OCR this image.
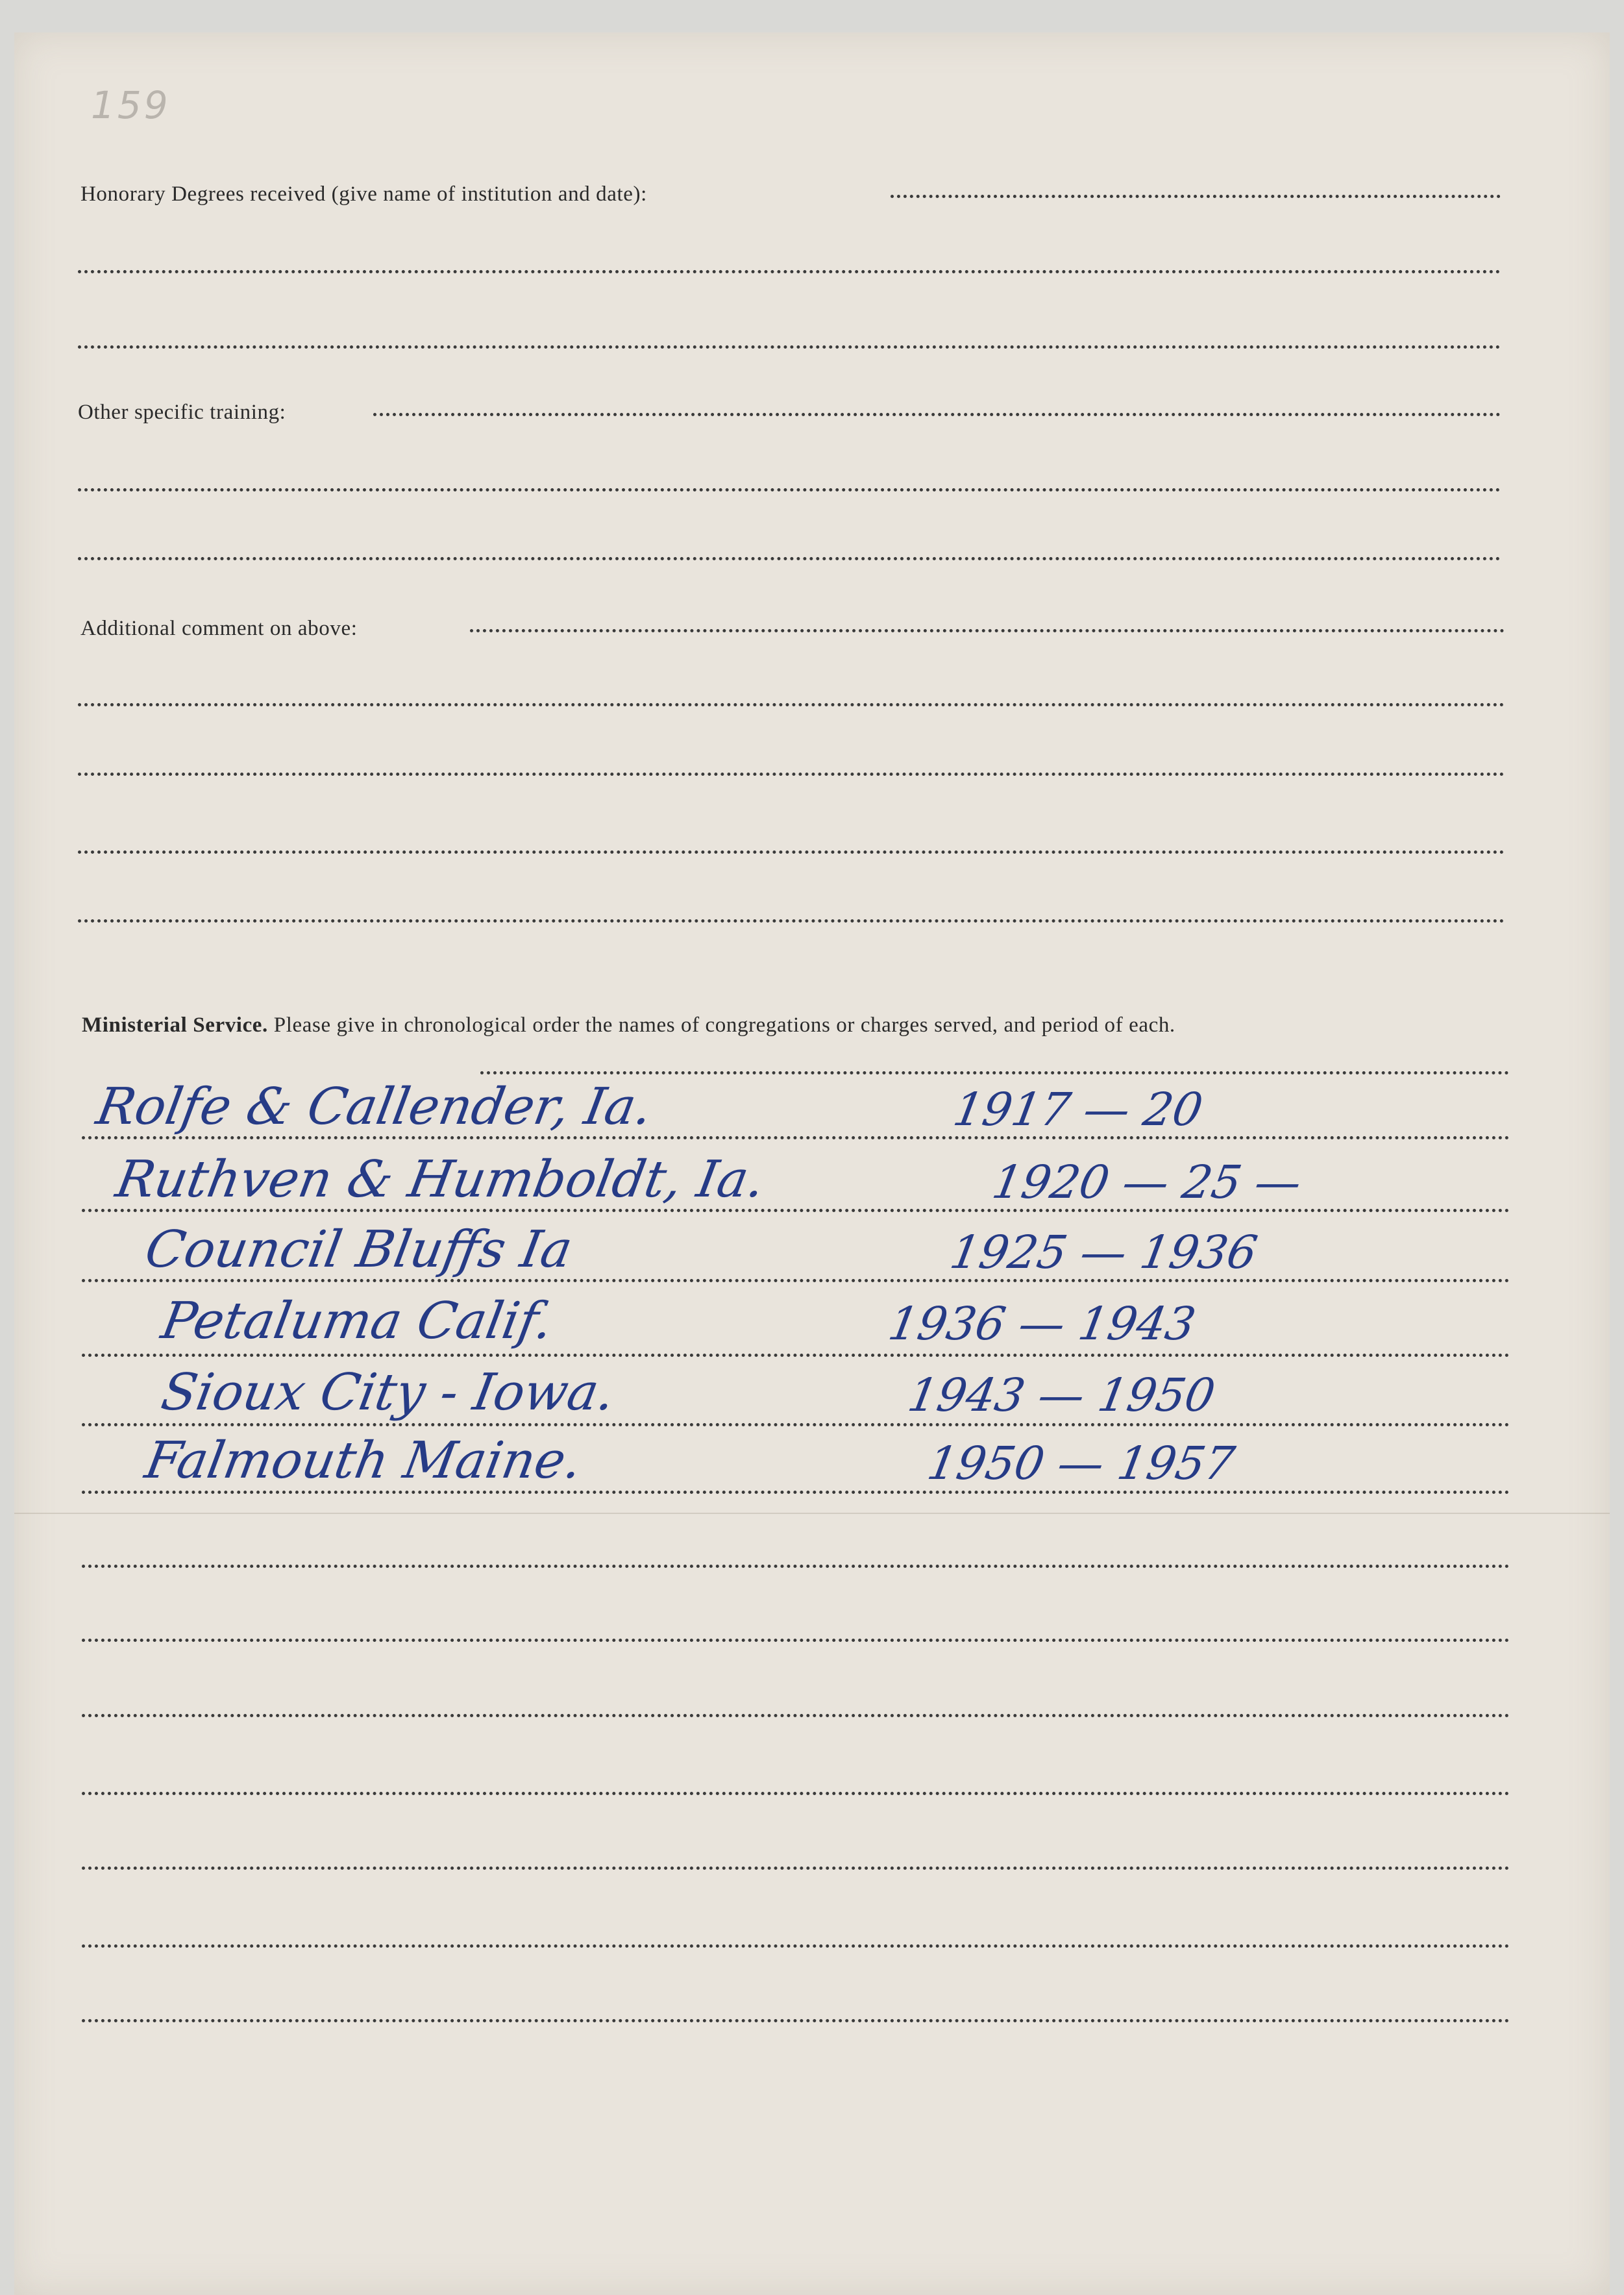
159
Honorary Degrees received (give name of institution and date):
Other specific training:
Additional comment on above:
Ministerial Service. Please give in chronological order the names of congregations or charges served, and period of each.
Rolfe & Callender, Ia.	1917 — 20
Ruthven & Humboldt, Ia.	1920 — 25 —
Council Bluffs Ia	1925 — 1936
Petaluma Calif.	1936 — 1943
Sioux City - Iowa.	1943 — 1950
Falmouth Maine.	1950 — 1957
